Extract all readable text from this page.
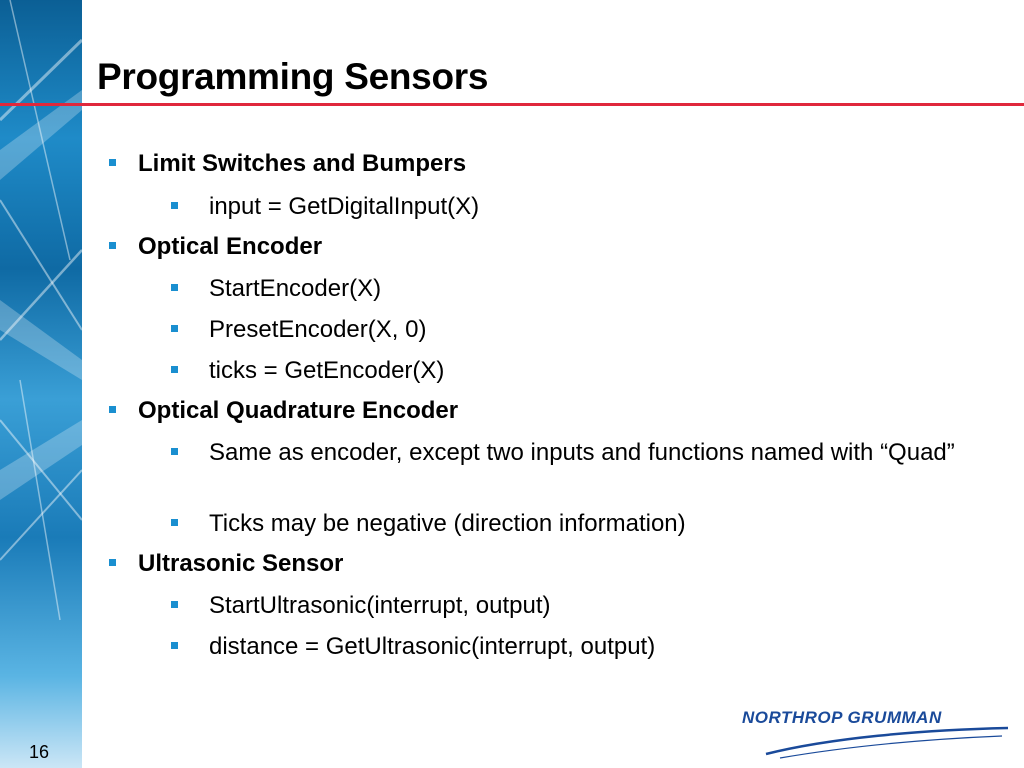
Programming Sensors
Limit Switches and Bumpers
input = GetDigitalInput(X)
Optical Encoder
StartEncoder(X)
PresetEncoder(X, 0)
ticks = GetEncoder(X)
Optical Quadrature Encoder
Same as encoder, except two inputs and functions named with “Quad”
Ticks may be negative (direction information)
Ultrasonic Sensor
StartUltrasonic(interrupt, output)
distance = GetUltrasonic(interrupt, output)
16
NORTHROP GRUMMAN
